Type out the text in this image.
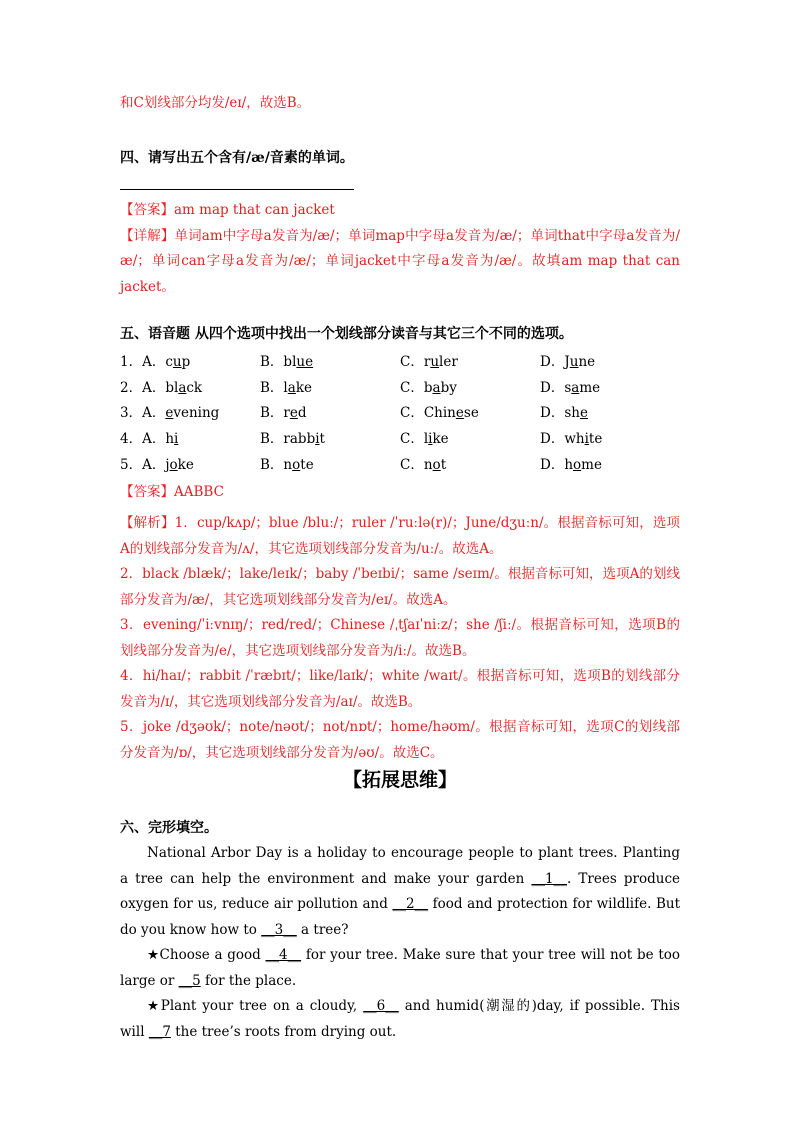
和C划线部分均发/eɪ/，故选B。

四、请写出五个含有/æ/音素的单词。

【答案】am map that can jacket

【详解】单词am中字母a发音为/æ/；单词map中字母a发音为/æ/；单词that中字母a发音为/æ/；单词can字母a发音为/æ/；单词jacket中字母a发音为/æ/。故填am map that can jacket。

五、语音题 从四个选项中找出一个划线部分读音与其它三个不同的选项。

1．A．cup	B．blue	C．ruler	D．June
2．A．black	B．lake	C．baby	D．same
3．A．evening	B．red	C．Chinese	D．she
4．A．hi	B．rabbit	C．like	D．white
5．A．joke	B．note	C．not	D．home

【答案】AABBC

【解析】1．cup/kʌp/；blue /bluː/；ruler /ˈruːlə(r)/；June/dʒuːn/。根据音标可知，选项A的划线部分发音为/ʌ/，其它选项划线部分发音为/uː/。故选A。

2．black /blæk/；lake/leɪk/；baby /ˈbeɪbi/；same /seɪm/。根据音标可知，选项A的划线部分发音为/æ/，其它选项划线部分发音为/eɪ/。故选A。

3．evening/ˈiːvnɪŋ/；red/red/；Chinese /ˌtʃaɪˈniːz/；she /ʃiː/。根据音标可知，选项B的划线部分发音为/e/，其它选项划线部分发音为/iː/。故选B。

4．hi/haɪ/；rabbit /ˈræbɪt/；like/laɪk/；white /waɪt/。根据音标可知，选项B的划线部分发音为/ɪ/，其它选项划线部分发音为/aɪ/。故选B。

5．joke /dʒəʊk/；note/nəʊt/；not/nɒt/；home/həʊm/。根据音标可知，选项C的划线部分发音为/ɒ/，其它选项划线部分发音为/əʊ/。故选C。

【拓展思维】

六、完形填空。

National Arbor Day is a holiday to encourage people to plant trees. Planting a tree can help the environment and make your garden __1__. Trees produce oxygen for us, reduce air pollution and __2__ food and protection for wildlife. But do you know how to __3__ a tree?

★Choose a good __4__ for your tree. Make sure that your tree will not be too large or __5 for the place.

★Plant your tree on a cloudy, __6__ and humid(潮湿的)day, if possible. This will __7 the tree’s roots from drying out.
